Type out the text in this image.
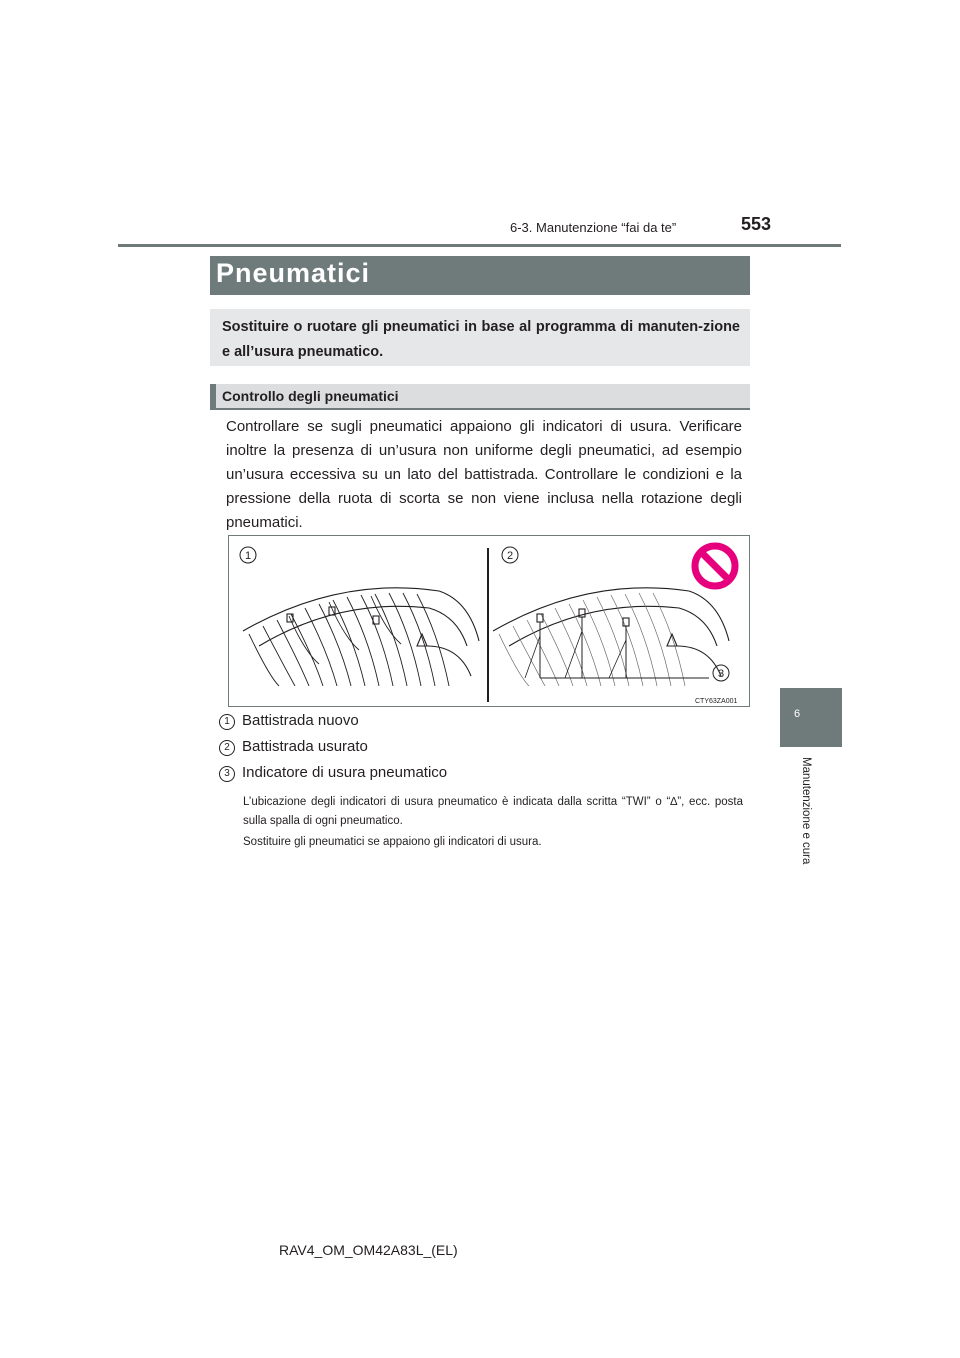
6-3. Manutenzione “fai da te”	553
Pneumatici
Sostituire o ruotare gli pneumatici in base al programma di manuten-zione e all’usura pneumatico.
Controllo degli pneumatici
Controllare se sugli pneumatici appaiono gli indicatori di usura. Verificare inoltre la presenza di un’usura non uniforme degli pneumatici, ad esempio un’usura eccessiva su un lato del battistrada. Controllare le condizioni e la pressione della ruota di scorta se non viene inclusa nella rotazione degli pneumatici.
1	2
3
CTY63ZA001
1 Battistrada nuovo
2 Battistrada usurato
3 Indicatore di usura pneumatico
L’ubicazione degli indicatori di usura pneumatico è indicata dalla scritta “TWI” o “∆”, ecc. posta sulla spalla di ogni pneumatico.
Sostituire gli pneumatici se appaiono gli indicatori di usura.
6
Manutenzione e cura
RAV4_OM_OM42A83L_(EL)
